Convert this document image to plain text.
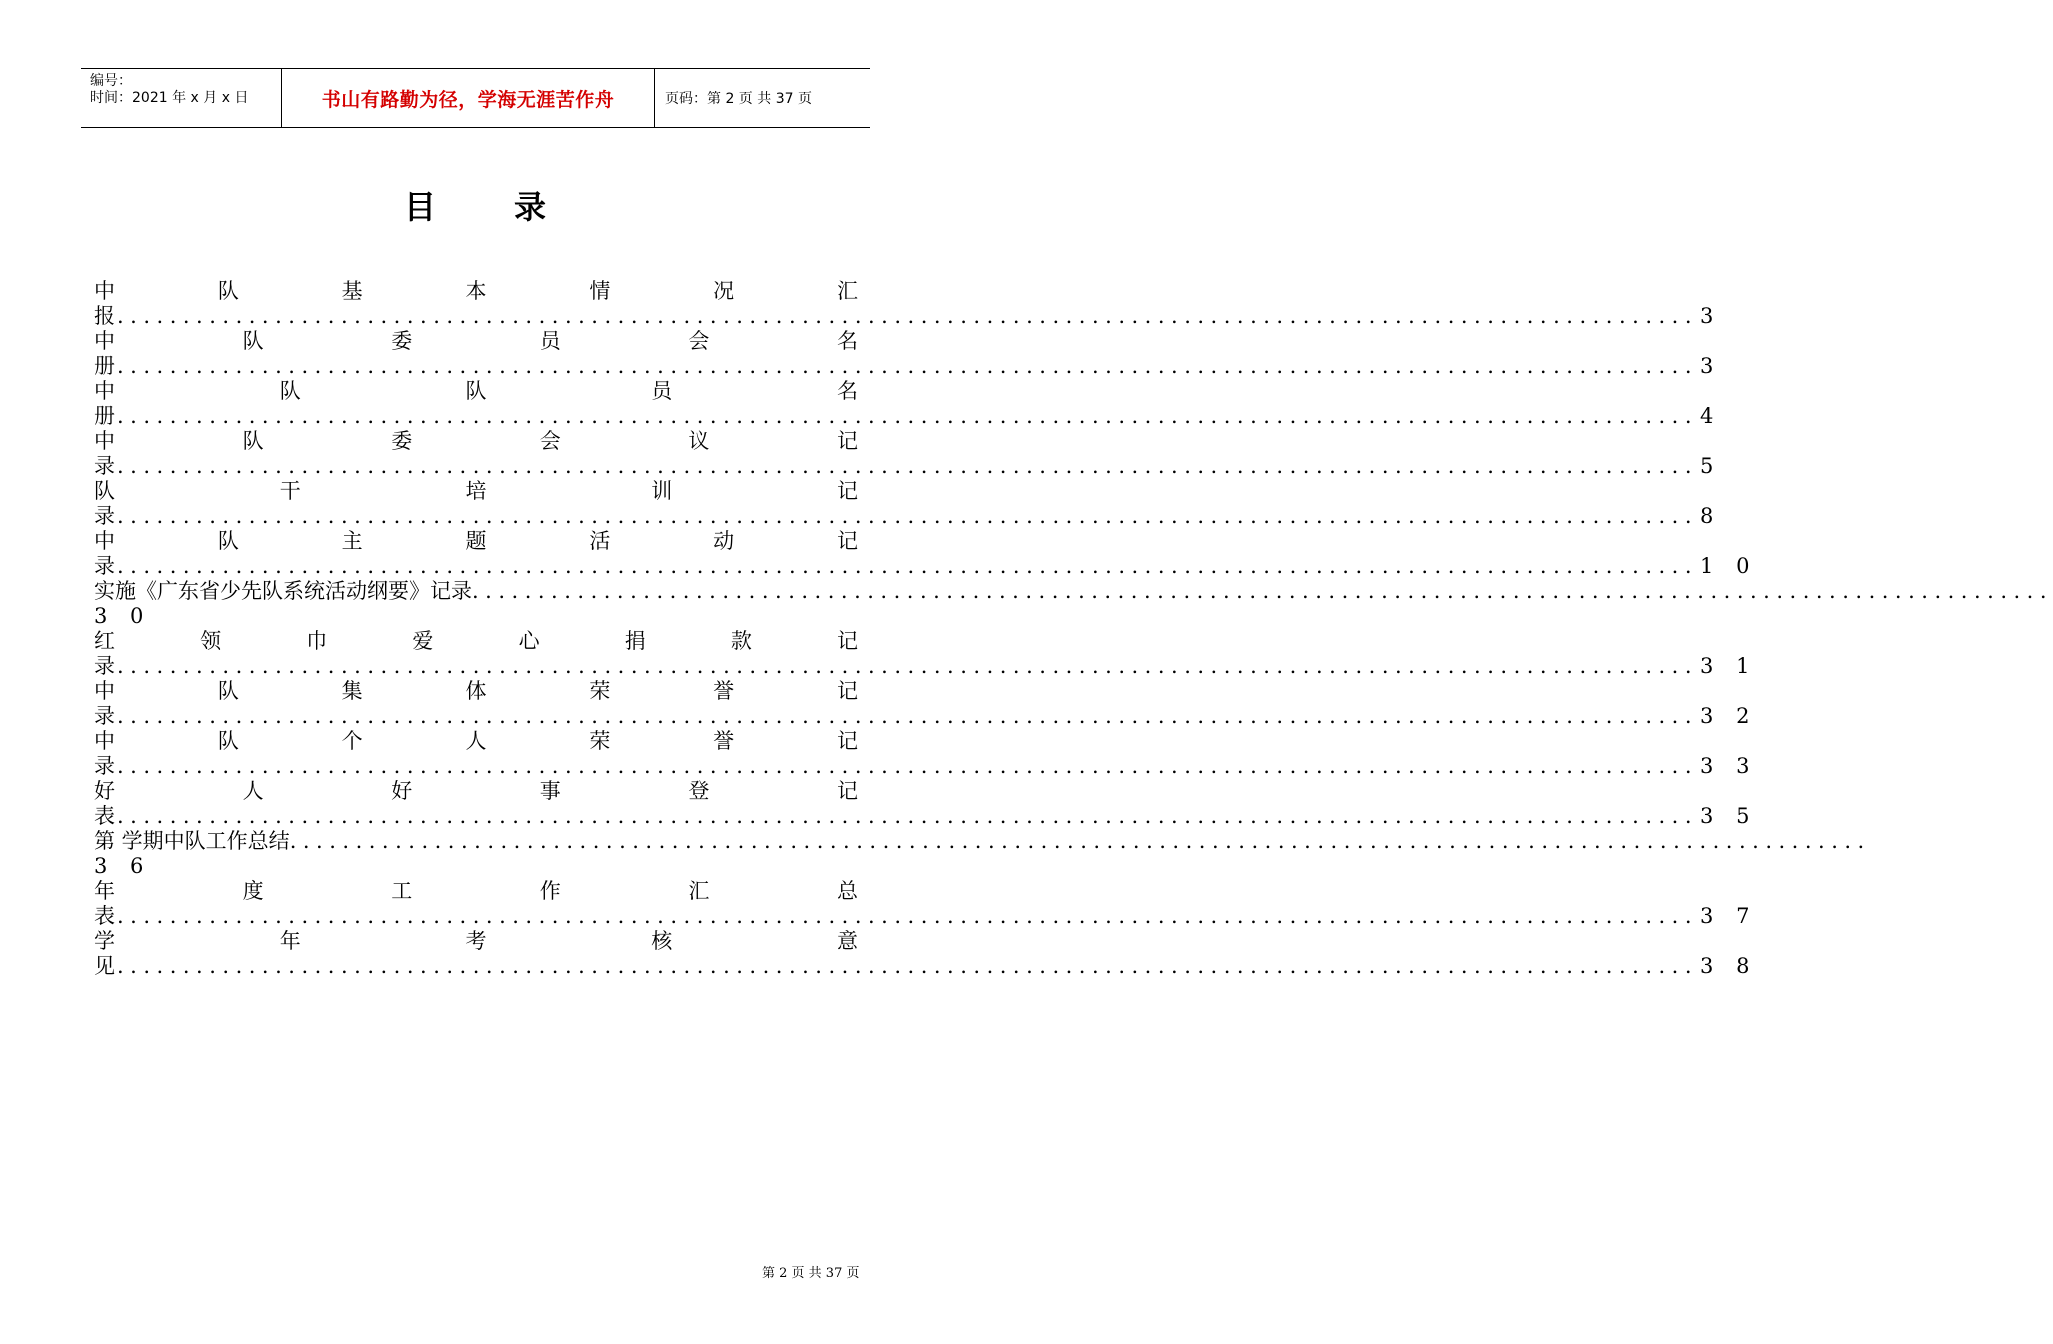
编号：
时间：2021 年 x 月 x 日	书山有路勤为径，学海无涯苦作舟	页码：第 2 页 共 37 页
目 录
中	队	基	本	情	况	汇
报 ........................................................................................................................ 3
中	队	委	员	会	名
册 ........................................................................................................................ 3
中	队	队	员	名
册 ........................................................................................................................ 4
中	队	委	会	议	记
录 ........................................................................................................................ 5
队	干	培	训	记
录 ........................................................................................................................ 8
中	队	主	题	活	动	记
录 ........................................................................................................................ 1 0
实施《广东省少先队系统活动纲要》记录 ........................................................................................................................
3 0
红	领	巾	爱	心	捐	款	记
录 ........................................................................................................................ 3 1
中	队	集	体	荣	誉	记
录 ........................................................................................................................ 3 2
中	队	个	人	荣	誉	记
录 ........................................................................................................................ 3 3
好	人	好	事	登	记
表 ........................................................................................................................ 3 5
第 学期中队工作总结 ........................................................................................................................
3 6
年	度	工	作	汇	总
表 ........................................................................................................................ 3 7
学	年	考	核	意
见 ........................................................................................................................ 3 8
第 2 页 共 37 页
